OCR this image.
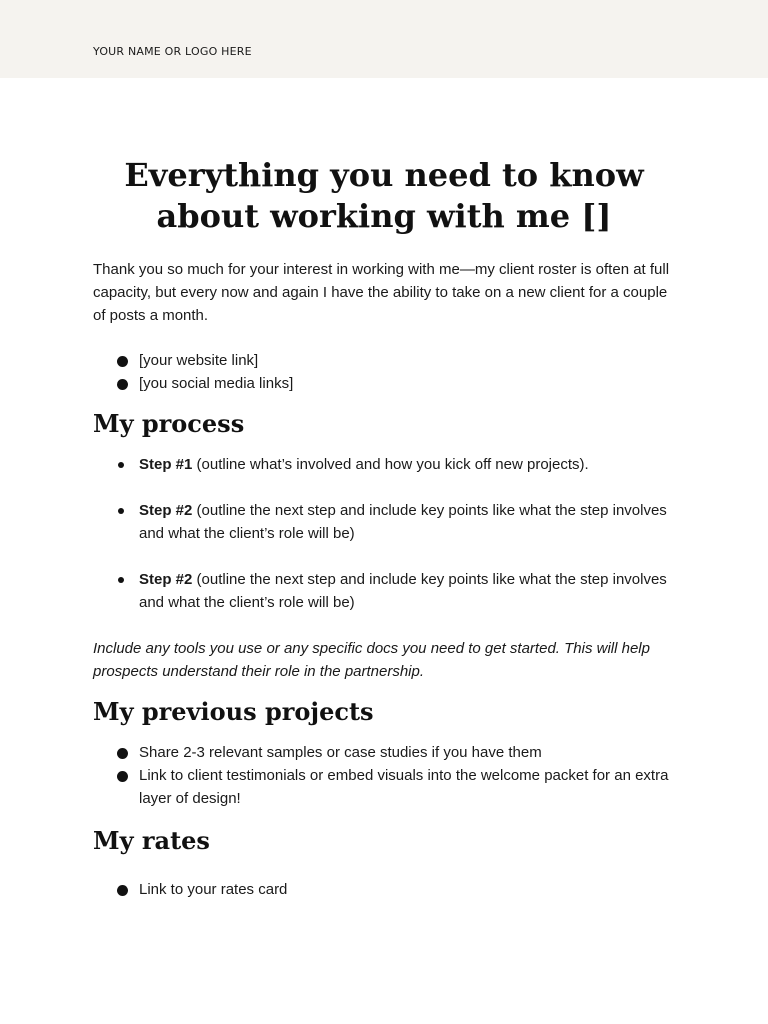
YOUR NAME OR LOGO HERE
Everything you need to know about working with me []

Thank you so much for your interest in working with me—my client roster is often at full capacity, but every now and again I have the ability to take on a new client for a couple of posts a month.

[your website link]
[you social media links]
My process
Step #1 (outline what’s involved and how you kick off new projects).
Step #2 (outline the next step and include key points like what the step involves and what the client’s role will be)
Step #2 (outline the next step and include key points like what the step involves and what the client’s role will be)

Include any tools you use or any specific docs you need to get started. This will help prospects understand their role in the partnership.

My previous projects
Share 2-3 relevant samples or case studies if you have them
Link to client testimonials or embed visuals into the welcome packet for an extra layer of design!
My rates
Link to your rates card
